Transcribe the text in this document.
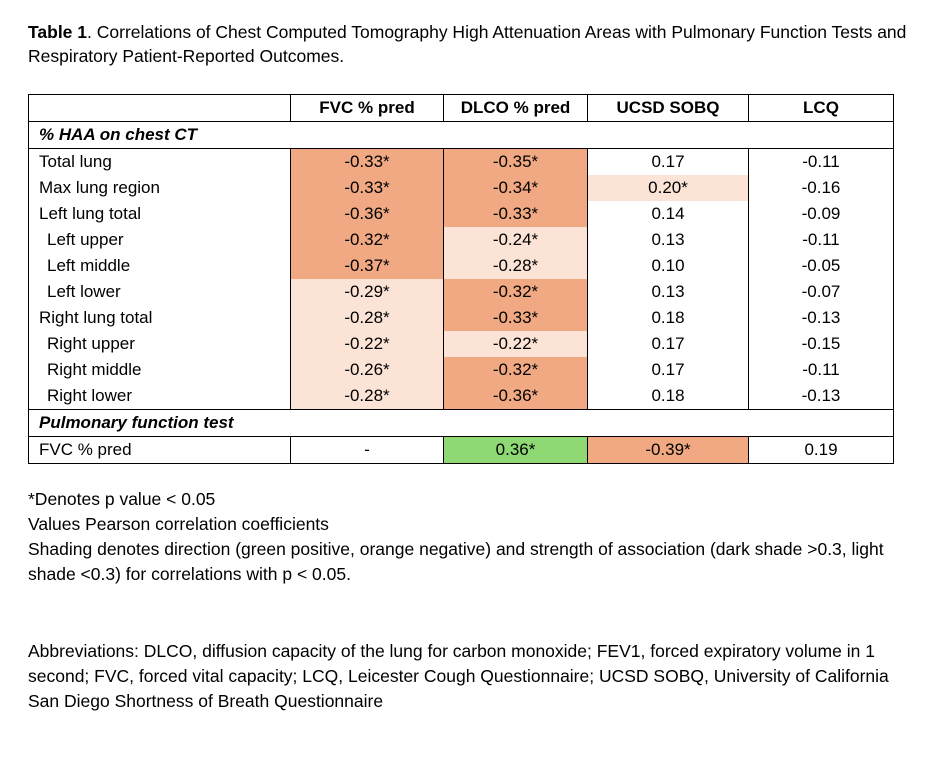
Table 1. Correlations of Chest Computed Tomography High Attenuation Areas with Pulmonary Function Tests and Respiratory Patient-Reported Outcomes.
	FVC % pred	DLCO % pred	UCSD SOBQ	LCQ
% HAA on chest CT				
Total lung	-0.33*	-0.35*	0.17	-0.11
Max lung region	-0.33*	-0.34*	0.20*	-0.16
Left lung total	-0.36*	-0.33*	0.14	-0.09
Left upper	-0.32*	-0.24*	0.13	-0.11
Left middle	-0.37*	-0.28*	0.10	-0.05
Left lower	-0.29*	-0.32*	0.13	-0.07
Right lung total	-0.28*	-0.33*	0.18	-0.13
Right upper	-0.22*	-0.22*	0.17	-0.15
Right middle	-0.26*	-0.32*	0.17	-0.11
Right lower	-0.28*	-0.36*	0.18	-0.13
Pulmonary function test				
FVC % pred	-	0.36*	-0.39*	0.19
*Denotes p value < 0.05
Values Pearson correlation coefficients
Shading denotes direction (green positive, orange negative) and strength of association (dark shade >0.3, light shade <0.3) for correlations with p < 0.05.
Abbreviations: DLCO, diffusion capacity of the lung for carbon monoxide; FEV1, forced expiratory volume in 1 second; FVC, forced vital capacity; LCQ, Leicester Cough Questionnaire; UCSD SOBQ, University of California San Diego Shortness of Breath Questionnaire
